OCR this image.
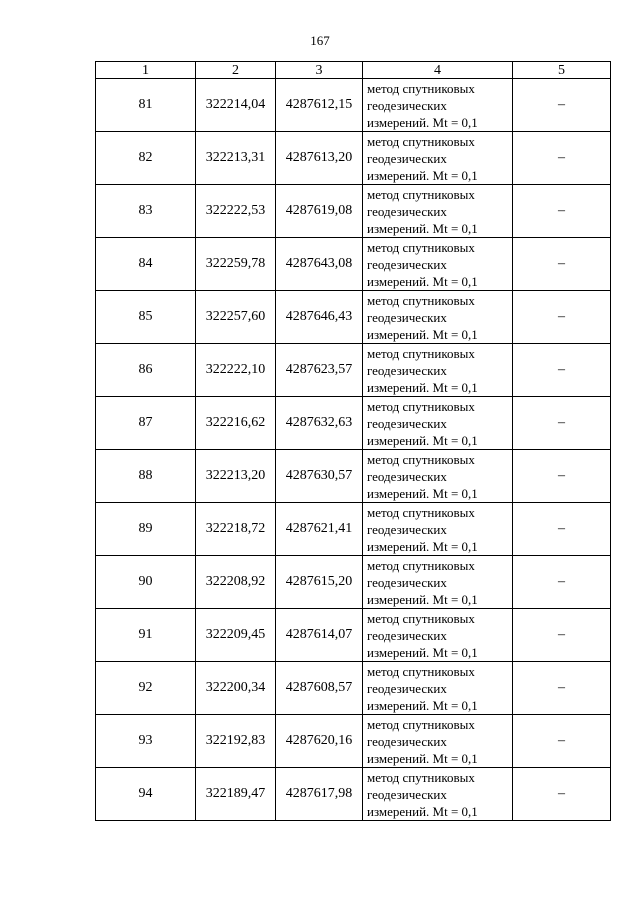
167
1	2	3	4	5
81	322214,04	4287612,15	метод спутниковых
геодезических
измерений. Mt = 0,1	–
82	322213,31	4287613,20	метод спутниковых
геодезических
измерений. Mt = 0,1	–
83	322222,53	4287619,08	метод спутниковых
геодезических
измерений. Mt = 0,1	–
84	322259,78	4287643,08	метод спутниковых
геодезических
измерений. Mt = 0,1	–
85	322257,60	4287646,43	метод спутниковых
геодезических
измерений. Mt = 0,1	–
86	322222,10	4287623,57	метод спутниковых
геодезических
измерений. Mt = 0,1	–
87	322216,62	4287632,63	метод спутниковых
геодезических
измерений. Mt = 0,1	–
88	322213,20	4287630,57	метод спутниковых
геодезических
измерений. Mt = 0,1	–
89	322218,72	4287621,41	метод спутниковых
геодезических
измерений. Mt = 0,1	–
90	322208,92	4287615,20	метод спутниковых
геодезических
измерений. Mt = 0,1	–
91	322209,45	4287614,07	метод спутниковых
геодезических
измерений. Mt = 0,1	–
92	322200,34	4287608,57	метод спутниковых
геодезических
измерений. Mt = 0,1	–
93	322192,83	4287620,16	метод спутниковых
геодезических
измерений. Mt = 0,1	–
94	322189,47	4287617,98	метод спутниковых
геодезических
измерений. Mt = 0,1	–
